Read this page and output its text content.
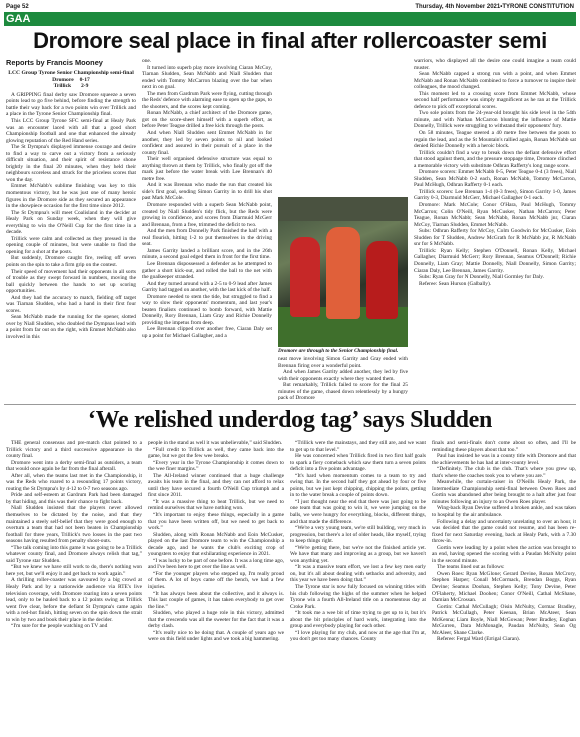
Page 52	Thursday, 4th November 2021•TYRONE CONSTITUTION
GAA
Dromore seal place in final after rollercoaster semi
Reports by Francis Mooney
LCC Group Tyrone Senior Championship semi-final
Dromore 0-17
Trillick 2-9

A GRIPPING final derby saw Dromore squeeze a seven points lead to go five behind, before finding the strength to battle their way back for a two points win over Trillick and a place in the Tyrone Senior Championship final.

This LCC Group Tyrone SFC semi-final at Healy Park was an encounter laced with all that a good short Championship football and one that enhanced the already glowing reputation of the Red Hand series.

The St Dympna's displayed immense courage and desire to find a way to carve out a victory from a seriously difficult situation, and their spirit of resistance shone brightly in the final 20 minutes, when they held their neighbours scoreless and struck for the priceless scores that won the day.

Emmet McNabb's sublime finishing was key to this momentous victory, but he was just one of many heroic figures in the Dromore side as they secured an appearance in the showpiece occasion for the first time since 2012.

The St Dympna's will meet Coalisland in the decider at Healy Park on Sunday week, when they will give everything to win the O'Neill Cup for the first time in a decade.

Trillick were calm and collected as they pressed in the opening couple of minutes, but were unable to find the opening for a shot at the posts.

But suddenly, Dromore caught fire, reeling off seven points on the spin to take a firm grip on the contest.

Their speed of movement had their opponents in all sorts of trouble as they swept forward in numbers, moving the ball quickly between the hands to set up scoring opportunities.

And they had the accuracy to match, fielding off target was Tiarnan Sludden, who had a hand in their first four scores.

Sean McNabb made the running for the opener, slotted over by Niall Sludden, who doubled the Dympnas lead with a point from far out on the right, with Emmet McNabb also involved in this

one.

It turned into superb play more involving Ciaran McCoy, Tiarnan Sludden, Sean McNabb and Niall Sludden that ended with Tommy McCarron blazing over the bar when next in on goal.

The men from Gardrum Park were flying, cutting through the Reds' defence with alarming ease to open up the gaps, to the shooters, and the scores kept coming.

Ronan McNabb, a chief architect of the Dromore game, got on the score-sheet himself with a superb effort, as before Peter Teague drilled a free kick through the posts.

And when Niall Sludden sent Emmet McNabb in for another, they led by seven points to nil and looked confident and assured in their pursuit of a place in the county final.

Their well organised defensive structure was equal to anything thrown at them by Trillick, who finally got off the mark just before the water break with Lee Brennan's 40 metre free.

And it was Brennan who made the run that created his side's first goal, sending Simon Garrity in to drill his shot past Mark McCole.

Dromore responded with a superb Sean McNabb point, created by Niall Sludden's tidy flick, but the Reds were growing in confidence, and scores from Diarmuid McGerr and Brennan, from a free, trimmed the deficit to two.

And the men from Donnelly Park finished the half with a real flourish, hitting 1-2 to put themselves in the driving seat.

James Garrity landed a brilliant score, and in the 26th minute, a second goal edged them in front for the first time.

Lee Brennan dispossessed a defender as he attempted to gather a short kick-out, and rolled the ball to the net with the goalkeeper stranded.

And they turned around with a 2-5 to 0-9 lead after James Garrity had tagged on another, with the last kick of the half.

Dromore needed to stem the tide, but struggled to find a way to slow their opponents' momentum, and last year's beaten finalists continued to bomb forward, with Mattie Donnelly, Rory Brennan, Liam Gray and Richie Donnelly providing the impetus from deep.

Lee Brennan clipped over another free, Ciaran Daly set up a point for Michael Gallagher, and a

neat move involving Simon Garrity and Gray ended with Brennan firing over a wonderful point.

And when James Garrity added another, they led by five with their opponents exactly where they wanted them.

But remarkably, Trillick failed to score for the final 25 minutes of the game, chased down relentlessly by a hungry pack of Dromore

Dromore are through to the Senior Championship final.

warriors, who displayed all the desire one could imagine a team could muster.

Sean McNabb capped a strong run with a point, and when Emmet McNabb and Ronan McNabb combined to force a turnover to inspire their colleagues, the mood changed.

This moment led to a crossing score from Emmet McNabb, whose second half performance was simply magnificent as he ran at the Trillick defence to pick off exceptional scores.

Two sole points from the 24-year-old brought his side level in the 54th minute, and with Nathan McCarron blunting the influence of Mattie Donnelly, Trillick were struggling to withstand their opponents' fury.

On 58 minutes, Teague steered a 40 metre free between the posts to regain the lead, and as the St Mountain's rallied again, Ronan McNabb sat denied Richie Donnelly with a heroic block.

Trillick couldn't find a way to break down the defiant defensive effort that stood against them, and the pressure stoppage time, Dromore clinched a memorable victory with substitute Odhran Rafferty's long range score.

Dromore scorers: Emmet McNabb 0-5, Peter Teague 0-4 (3 frees), Niall Sludden, Sean McNabb 0-2 each, Ronan McNabb, Tommy McCarron, Paul McHugh, Odhran Rafferty 0-1 each.

Trillick scorers: Lee Brennan 1-4 (0-3 frees), Simon Garrity 1-0, James Garrity 0-3, Diarmuid McGerr, Michael Gallagher 0-1 each.

Dromore: Mark McCole; Conor O'Hara, Paul McHugh, Tommy McCarron; Colin O'Neill, Ryan McCusker, Nathan McCarron; Peter Teague, Ronan McNabb; Sean McNabb, Ronan McNabb jnr, Ciaran McCoy, Tiarnan Sludden, Emmet McNabb.

Subs: Odhran Rafferty for McCoy, Colm Goodwin for McCusker, Eoin Sludden for T Sludden, Andrew McGrath for R McNabb jnr, R McNabb snr for S McNabb.

Trillick: Ryan Kelly; Stephen O'Donnell, Ronan Kelly, Michael Gallagher, Diarmuid McGerr; Rory Brennan, Seamus O'Donnell; Richie Donnelly, Liam Gray; Mattie Donnelly, Niall Donnelly, Simon Garrity; Ciaran Daly, Lee Brennan, James Garrity.

Subs: Ryan Gray for N Donnelly, Niall Gormley for Daly.

Referee: Sean Hurson (Galbally).

‘We relished underdog tag’ says Sludden

THE general consensus and pre-match chat pointed to a Trillick victory and a third successive appearance in the county final.

Dromore went into a derby semi-final as outsiders, a team that would once again be far from the final afterall.

After all, when the teams last met in the Championship, it was the Reds who roared to a resounding 17 points victory, routing the St Dympna's by 4-12 to 0-7 two seasons ago.

Pride and self-esteem at Gardrum Park had been damaged by that hiding, and this was their chance to fight back.

Niall Sludden insisted that the players never allowed themselves to be dictated by the noise, and that they maintained a steely self-belief that they were good enough to overturn a team that had not been beaten in Championship football for three years, Trillick's two losses in the past two seasons having resulted from penalty shoot-outs.

“The talk coming into this game it was going to be a Trillick whatever county final, and Dromore always relish that tag,” said Tyrone star Sludden.

“But we knew we have still work to do, there's nothing won here yet, but we'll enjoy it and get back to work again.”

A thrilling roller-coaster was savoured by a big crowd at Healy Park and by a nationwide audience via RTE's live television coverage, with Dromore roaring into a seven points lead, only to be hauled back to a 12 points swing as Trillick went five clear, before the defiant St Dympna's came again with a red-hot finish, hitting seven on the spin down the strait to win by two and book their place in the decider.

“I'm sure for the people watching on TV and

people in the stand as well it was unbelievable,” said Sludden.

“Full credit to Trillick as well, they came back into the game, but we got the few wee breaks.

“Every year in the Tyrone Championship it comes down to the wee finer margins.”

The All-Ireland winner continued that a huge challenge awaits his team in the final, and they can not afford to relax until they have secured a fourth O'Neill Cup triumph and a first since 2011.

“It was a massive thing to beat Trillick, but we need to remind ourselves that we have nothing won.

“It's important to enjoy these things, especially in a game that you have been written off, but we need to get back to work.”

Sludden, along with Ronan McNabb and Eoin McCusker, played on the last Dromore team to win the Championship a decade ago, and he wants the club's exciting crop of youngsters to enjoy that exhilarating experience in 2021.

“I was lucky to be part of one before. It was a long time ago, and I've been here to get over the line as well.

“For the younger players who stepped up, I'm really proud of them. A lot of boys came off the bench, we had a few injuries.

“It has always been about the collective, and it always is. This last couple of games, it has taken everybody to get over the line.”

Sludden, who played a huge role in this victory, admitted that the crescendo was all the sweeter for the fact that it was a derby clash.

“It's really nice to be doing that. A couple of years ago we were on this field under lights and we took a big hammering.

“Trillick were the mainstays, and they still are, and we want to get up to that level.”

He was concerned when Trillick fired in two first half goals to spark a fiery comeback which saw them turn a seven points deficit into a five points advantage.

“It's hard when momentum comes to a team to try and swing that. In the second half they got ahead by four or five points, but we just kept chipping, chipping the points, getting in to the water break a couple of points down.

“I just thought near the end that there was just going to be one team that was going to win it, we were jumping on the balls, we were hungry for everything, blocks, different things, and that made the difference.

“We're a very young team, we're still building, very much in progression, but there's a lot of older heads, like myself, trying to keep things right.

“We're getting there, but we're not the finished article yet. We have that many and improving as a group, but we haven't won anything yet.

“It was a massive team effort, we lost a few key men early on, but it's all about dealing with setbacks and adversity, and this year we have been doing that.”

The Tyrone star is now fully focused on winning titles with his club following the highs of the summer when he helped Tyrone win a fourth All-Ireland title on a momentous day at Croke Park.

“It took me a wee bit of time trying to get up to it, but it's about the bit principles of hard work, integrating into the group and everybody playing for each other.

“I love playing for my club, and now at the age that I'm at, you don't get too many chances. County

finals and semi-finals don't come about so often, and I'll be reminding these players about that too.”

Paul has insisted he was in a county title with Dromore and that the achievements he has had at inter-county level.

“Definitely. The club is the club. That's where you grew up, that's where the coaches took you to where you are.”

Meanwhile, the curtain-raiser in O'Neills Healy Park, the Intermediate Championship semi-final between Owen Roes and Gortin was abandoned after being brought to a halt after just four minutes following an injury to an Owen Roes player.

Wing-back Ryan Devine suffered a broken ankle, and was taken to hospital by the air ambulance.

Following a delay and uncertainty unrelating to over an hour, it was decided that the game could not resume, and has been re-fixed for next Saturday evening, back at Healy Park, with a 7.30 throw-in.

Gortin were leading by a point when the action was brought to an end, having opened the scoring with a Paudan McNulty point in the second minute.

The teams lined out as follows:

Owen Roes: Ryan McGlone; Gerard Devine, Ronan McCrory, Stephen Harper; Conall McCormack, Brendan Boggs, Ryan Devine; Seamus Doohan, Stephen Kelly; Tony Devine, Peter O'Flaherty, Michael Doohen; Conor O'Neill, Cathal McShane, Damian McCrossan.

Gortin: Cathal McCullagh; Oisin McNulty, Cormac Bradley, Patrick McCullagh, Peter Keenan, Brian McAteer, Sean McKenna; Liam Boyle, Niall McGowan; Peter Bradley, Eoghan McGurren, Dara McMonagle, Paudan McNulty, Sean Og McAleer, Shane Clarke.

Referee: Fergal Ward (Errigal Ciaran).
